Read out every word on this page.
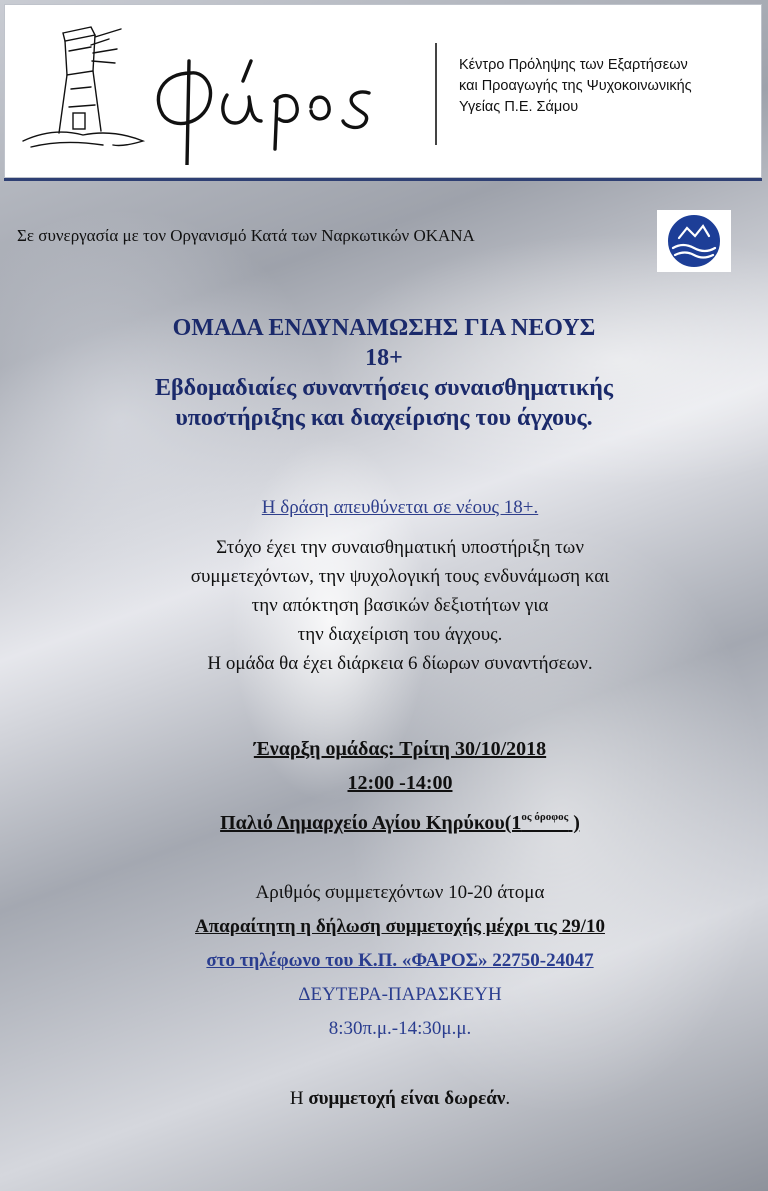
Κέντρο Πρόληψης των Εξαρτήσεων
και Προαγωγής της Ψυχοκοινωνικής
Υγείας Π.Ε. Σάμου
Σε συνεργασία με τον Οργανισμό Κατά των Ναρκωτικών ΟΚΑΝΑ
ΟΜΑΔΑ ΕΝΔΥΝΑΜΩΣΗΣ ΓΙΑ ΝΕΟΥΣ
18+
Εβδομαδιαίες συναντήσεις συναισθηματικής
υποστήριξης και διαχείρισης του άγχους.
Η δράση απευθύνεται σε νέους 18+.
Στόχο έχει την συναισθηματική υποστήριξη των
συμμετεχόντων, την ψυχολογική τους ενδυνάμωση και
την απόκτηση βασικών δεξιοτήτων για
την διαχείριση του άγχους.
Η ομάδα θα έχει διάρκεια 6 δίωρων συναντήσεων.
Έναρξη ομάδας: Τρίτη 30/10/2018
12:00 -14:00
Παλιό Δημαρχείο Αγίου $K\eta\rho ύ\kappa o\upsilon(1^{o\varsigma ό\rho o\varphi o\varsigma}$ )
Αριθμός συμμετεχόντων 10-20 άτομα
Απαραίτητη η δήλωση συμμετοχής μέχρι τις 29/10
στο τηλέφωνο του Κ.Π. «ΦΑΡΟΣ» 22750-24047
ΔΕΥΤΕΡΑ-ΠΑΡΑΣΚΕΥΗ
8:30π.μ.-14:30μ.μ.
Η συμμετοχή είναι δωρεάν.
